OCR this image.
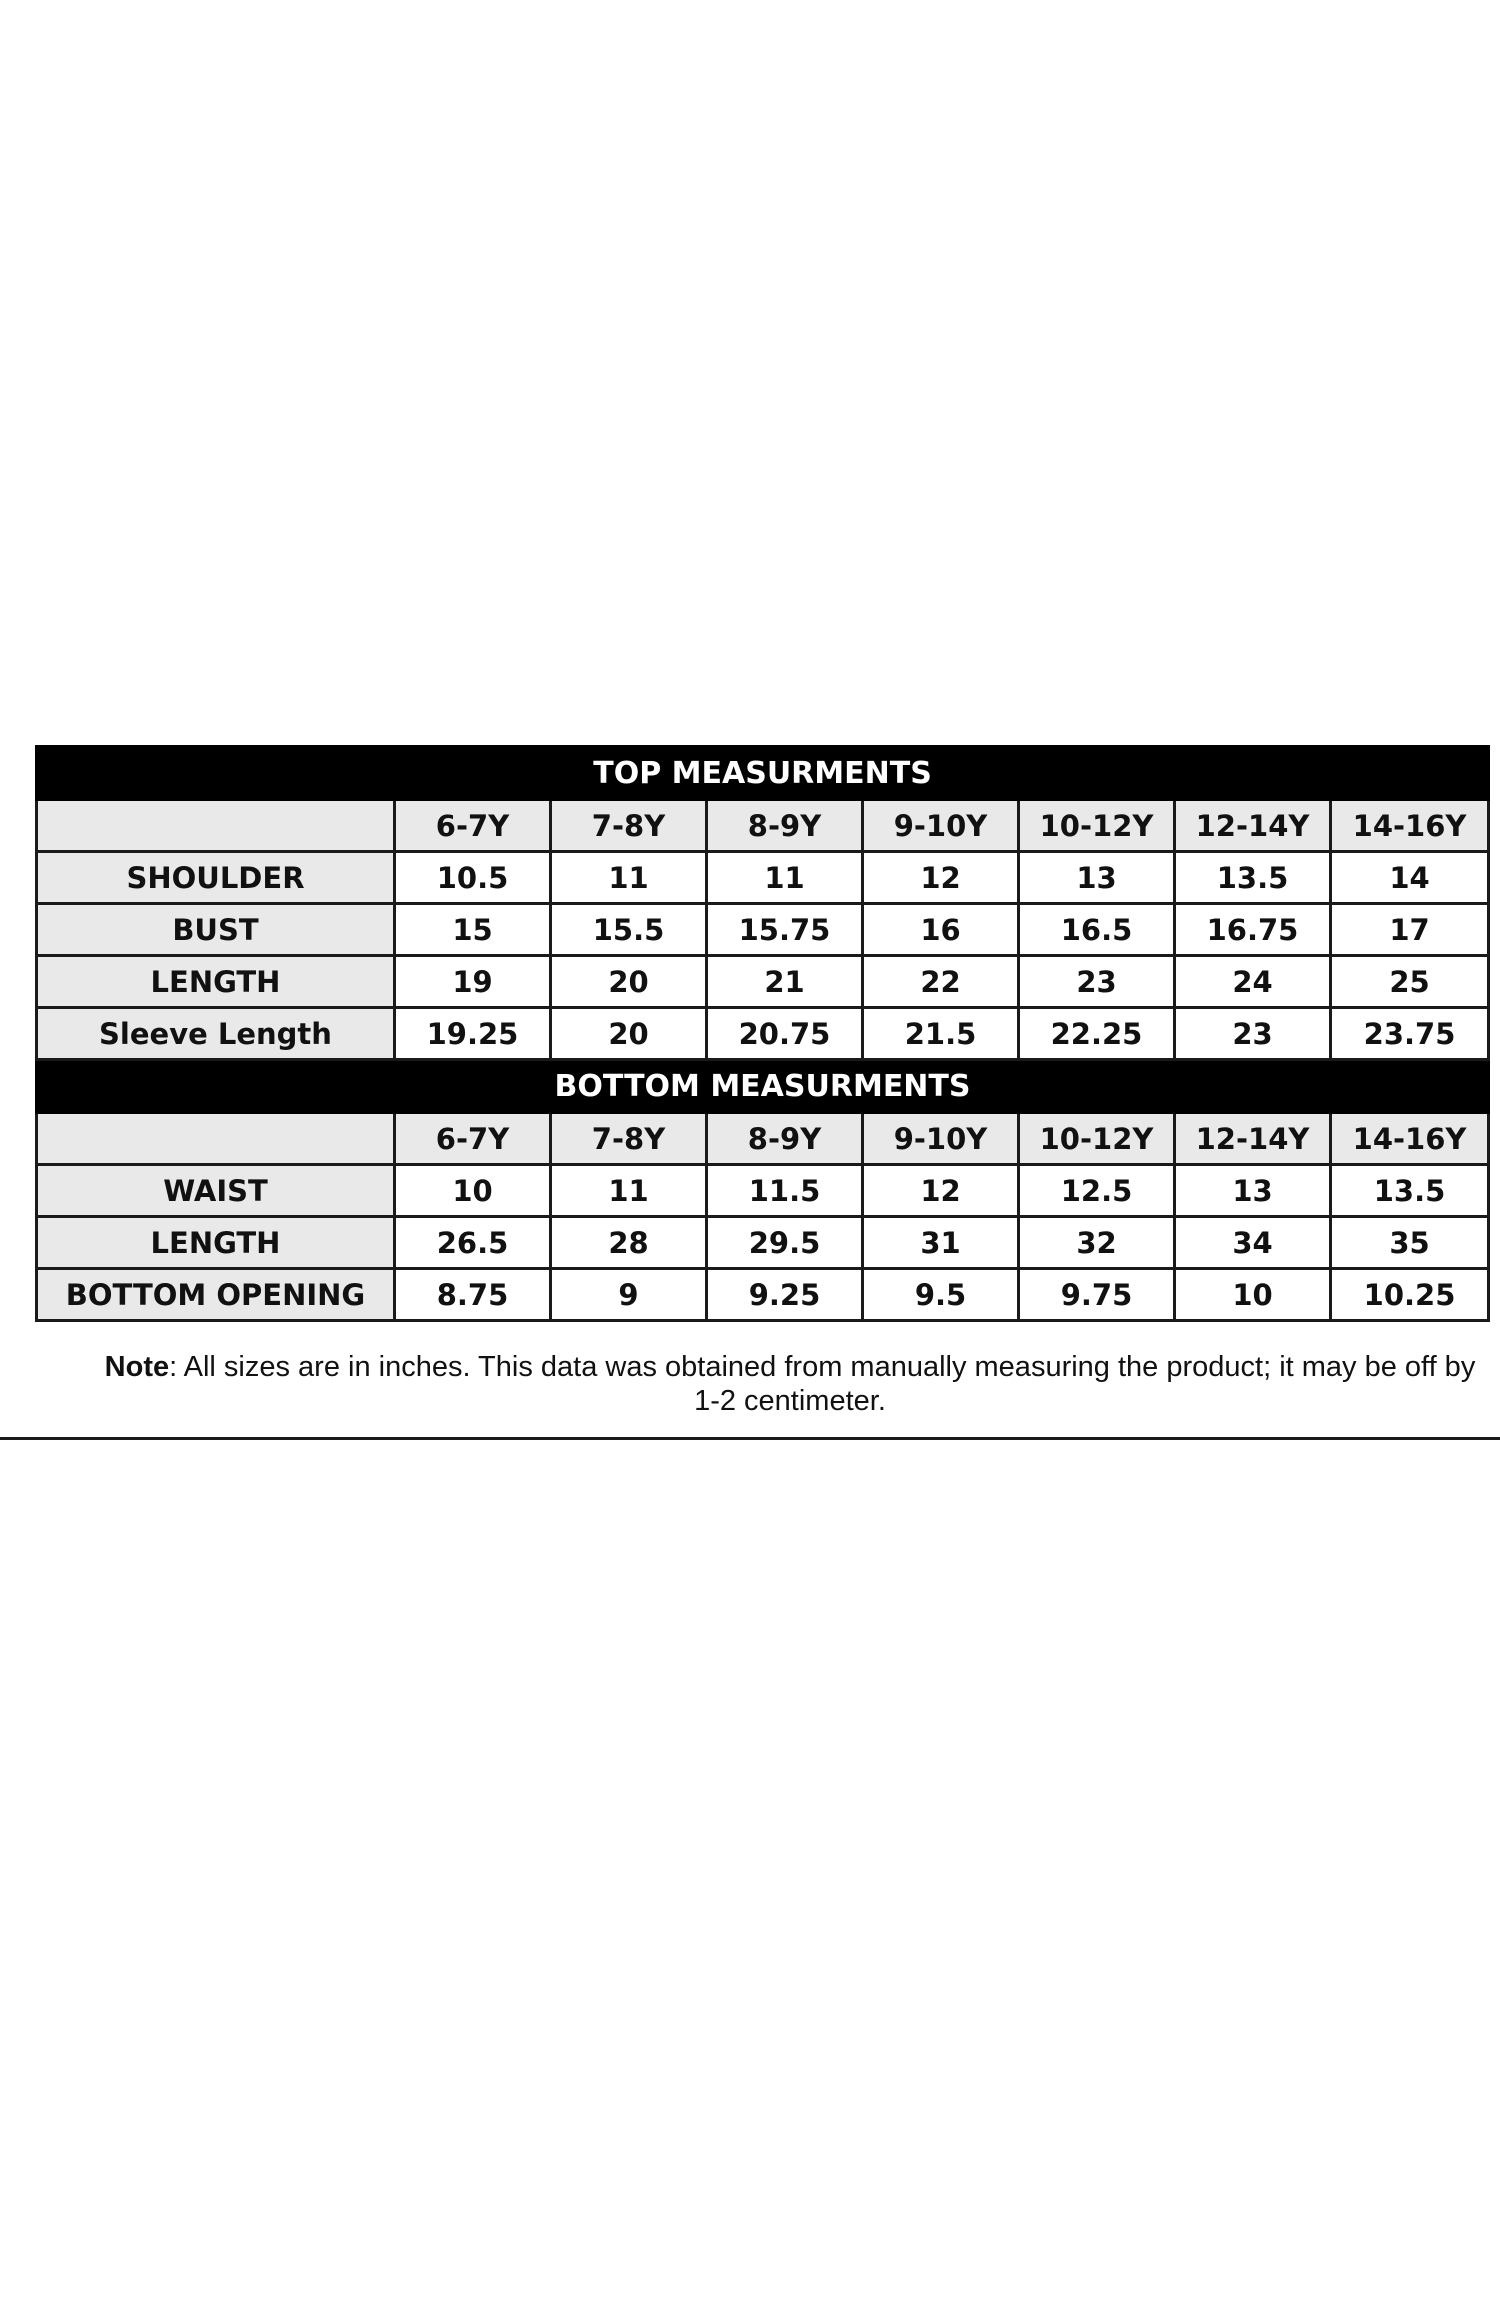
TOP MEASURMENTS							
	6-7Y	7-8Y	8-9Y	9-10Y	10-12Y	12-14Y	14-16Y
SHOULDER	10.5	11	11	12	13	13.5	14
BUST	15	15.5	15.75	16	16.5	16.75	17
LENGTH	19	20	21	22	23	24	25
Sleeve Length	19.25	20	20.75	21.5	22.25	23	23.75
BOTTOM MEASURMENTS							
	6-7Y	7-8Y	8-9Y	9-10Y	10-12Y	12-14Y	14-16Y
WAIST	10	11	11.5	12	12.5	13	13.5
LENGTH	26.5	28	29.5	31	32	34	35
BOTTOM OPENING	8.75	9	9.25	9.5	9.75	10	10.25
Note: All sizes are in inches. This data was obtained from manually measuring the product; it may be off by 1-2 centimeter.
